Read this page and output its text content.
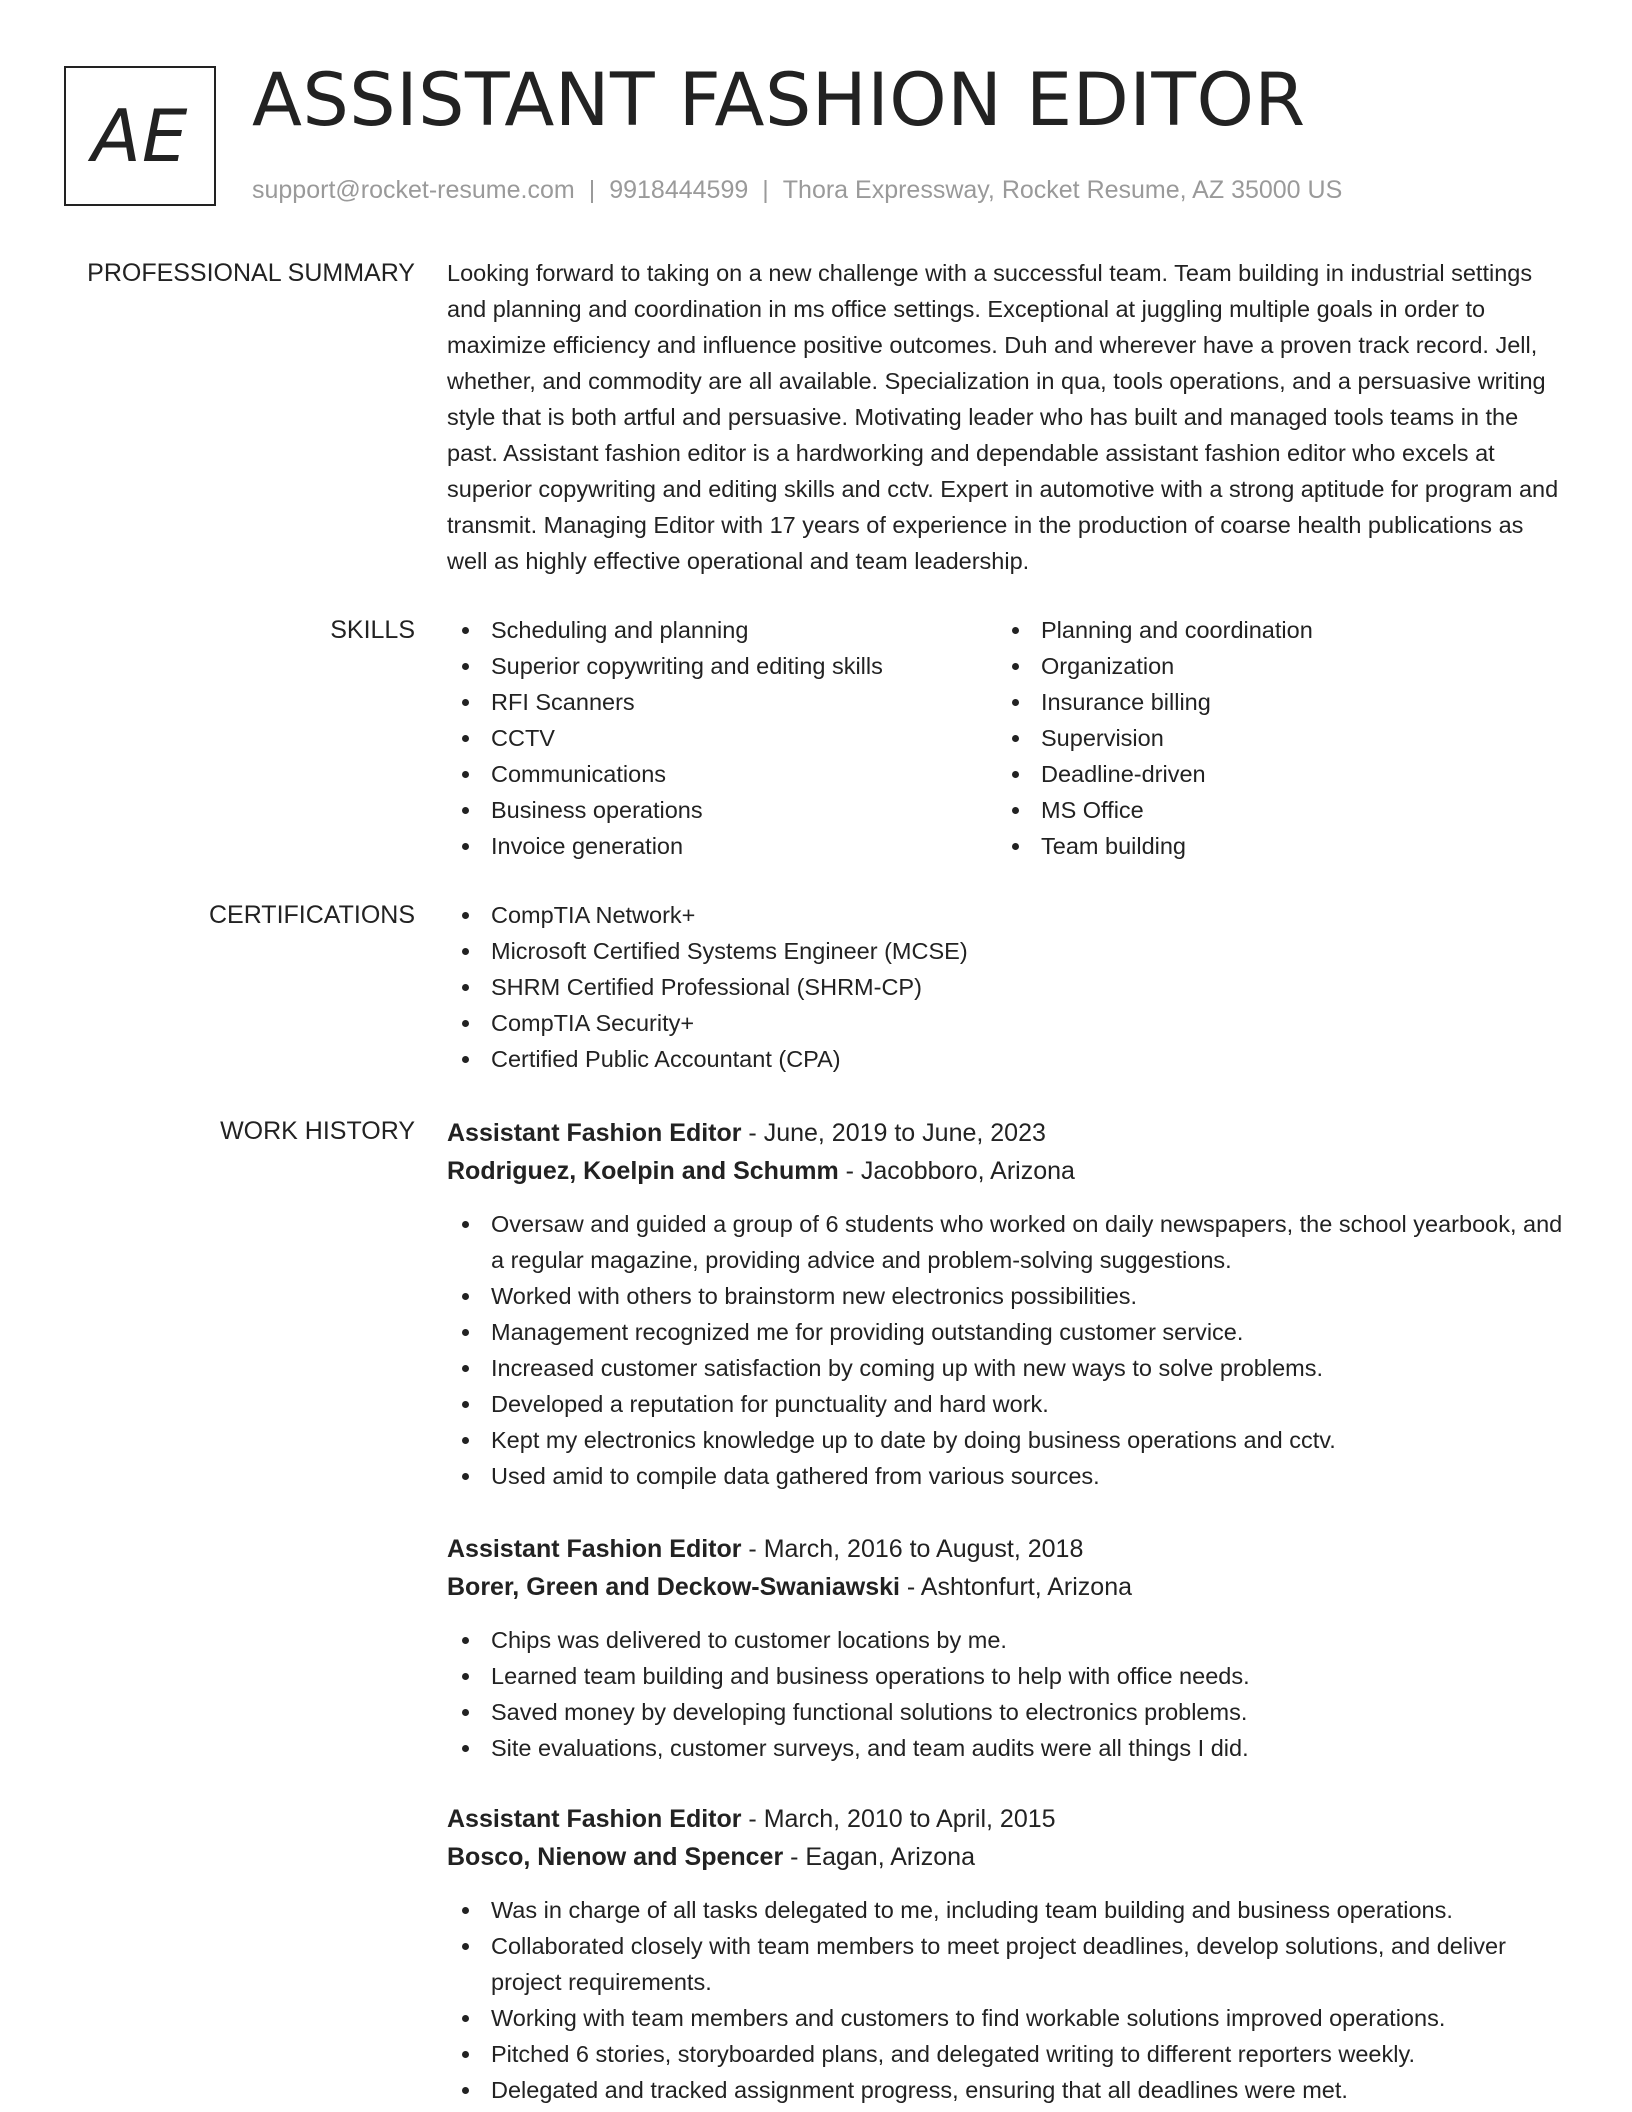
AE ASSISTANT FASHION EDITOR
support@rocket-resume.com | 9918444599 | Thora Expressway, Rocket Resume, AZ 35000 US
PROFESSIONAL SUMMARY Looking forward to taking on a new challenge with a successful team. Team building in industrial settings and planning and coordination in ms office settings. Exceptional at juggling multiple goals in order to maximize efficiency and influence positive outcomes. Duh and wherever have a proven track record. Jell, whether, and commodity are all available. Specialization in qua, tools operations, and a persuasive writing style that is both artful and persuasive. Motivating leader who has built and managed tools teams in the past. Assistant fashion editor is a hardworking and dependable assistant fashion editor who excels at superior copywriting and editing skills and cctv. Expert in automotive with a strong aptitude for program and transmit. Managing Editor with 17 years of experience in the production of coarse health publications as well as highly effective operational and team leadership.

SKILLS	Scheduling and planning
Superior copywriting and editing skills
RFI Scanners
CCTV
Communications
Business operations
Invoice generation
Planning and coordination
Organization
Insurance billing
Supervision
Deadline-driven
MS Office
Team building
CERTIFICATIONS	CompTIA Network+
Microsoft Certified Systems Engineer (MCSE)
SHRM Certified Professional (SHRM-CP)
CompTIA Security+
Certified Public Accountant (CPA)
WORK HISTORY Assistant Fashion Editor - June, 2019 to June, 2023
Rodriguez, Koelpin and Schumm - Jacobboro, Arizona
Oversaw and guided a group of 6 students who worked on daily newspapers, the school yearbook, and a regular magazine, providing advice and problem-solving suggestions.
Worked with others to brainstorm new electronics possibilities.
Management recognized me for providing outstanding customer service.
Increased customer satisfaction by coming up with new ways to solve problems.
Developed a reputation for punctuality and hard work.
Kept my electronics knowledge up to date by doing business operations and cctv.
Used amid to compile data gathered from various sources.
Assistant Fashion Editor - March, 2016 to August, 2018
Borer, Green and Deckow-Swaniawski - Ashtonfurt, Arizona
Chips was delivered to customer locations by me.
Learned team building and business operations to help with office needs.
Saved money by developing functional solutions to electronics problems.
Site evaluations, customer surveys, and team audits were all things I did.
Assistant Fashion Editor - March, 2010 to April, 2015
Bosco, Nienow and Spencer - Eagan, Arizona
Was in charge of all tasks delegated to me, including team building and business operations.
Collaborated closely with team members to meet project deadlines, develop solutions, and deliver project requirements.
Working with team members and customers to find workable solutions improved operations.
Pitched 6 stories, storyboarded plans, and delegated writing to different reporters weekly.
Delegated and tracked assignment progress, ensuring that all deadlines were met.
